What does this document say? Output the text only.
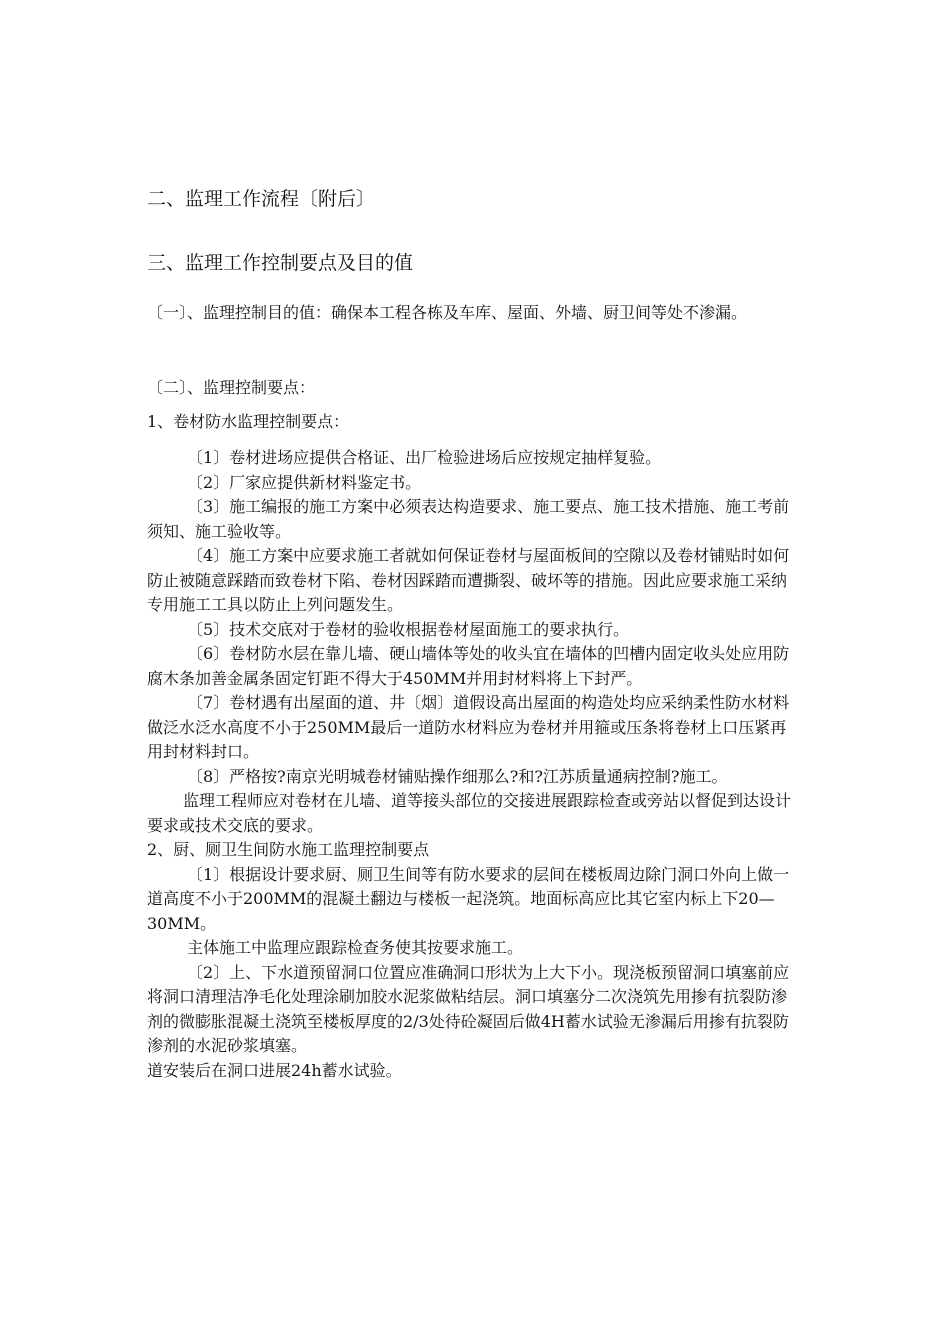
二、监理工作流程〔附后〕
三、监理工作控制要点及目的值

〔一〕、监理控制目的值：确保本工程各栋及车库、屋面、外墙、厨卫间等处不渗漏。

〔二〕、监理控制要点：

1、卷材防水监理控制要点：

〔1〕卷材进场应提供合格证、出厂检验进场后应按规定抽样复验。

〔2〕厂家应提供新材料鉴定书。

〔3〕施工编报的施工方案中必须表达构造要求、施工要点、施工技术措施、施工考前须知、施工验收等。

〔4〕施工方案中应要求施工者就如何保证卷材与屋面板间的空隙以及卷材铺贴时如何防止被随意踩踏而致卷材下陷、卷材因踩踏而遭撕裂、破坏等的措施。因此应要求施工采纳专用施工工具以防止上列问题发生。

〔5〕技术交底对于卷材的验收根据卷材屋面施工的要求执行。

〔6〕卷材防水层在靠儿墙、硬山墙体等处的收头宜在墙体的凹槽内固定收头处应用防腐木条加善金属条固定钉距不得大于450MM并用封材料将上下封严。

〔7〕卷材遇有出屋面的道、井〔烟〕道假设高出屋面的构造处均应采纳柔性防水材料做泛水泛水高度不小于250MM最后一道防水材料应为卷材并用箍或压条将卷材上口压紧再用封材料封口。

〔8〕严格按?南京光明城卷材铺贴操作细那么?和?江苏质量通病控制?施工。

监理工程师应对卷材在儿墙、道等接头部位的交接进展跟踪检查或旁站以督促到达设计要求或技术交底的要求。

2、厨、厕卫生间防水施工监理控制要点

〔1〕根据设计要求厨、厕卫生间等有防水要求的层间在楼板周边除门洞口外向上做一道高度不小于200MM的混凝土翻边与楼板一起浇筑。地面标高应比其它室内标上下20—30MM。

主体施工中监理应跟踪检查务使其按要求施工。

〔2〕上、下水道预留洞口位置应准确洞口形状为上大下小。现浇板预留洞口填塞前应将洞口清理洁净毛化处理涂刷加胶水泥浆做粘结层。洞口填塞分二次浇筑先用掺有抗裂防渗剂的微膨胀混凝土浇筑至楼板厚度的2/3处待砼凝固后做4H蓄水试验无渗漏后用掺有抗裂防渗剂的水泥砂浆填塞。

道安装后在洞口进展24h蓄水试验。
